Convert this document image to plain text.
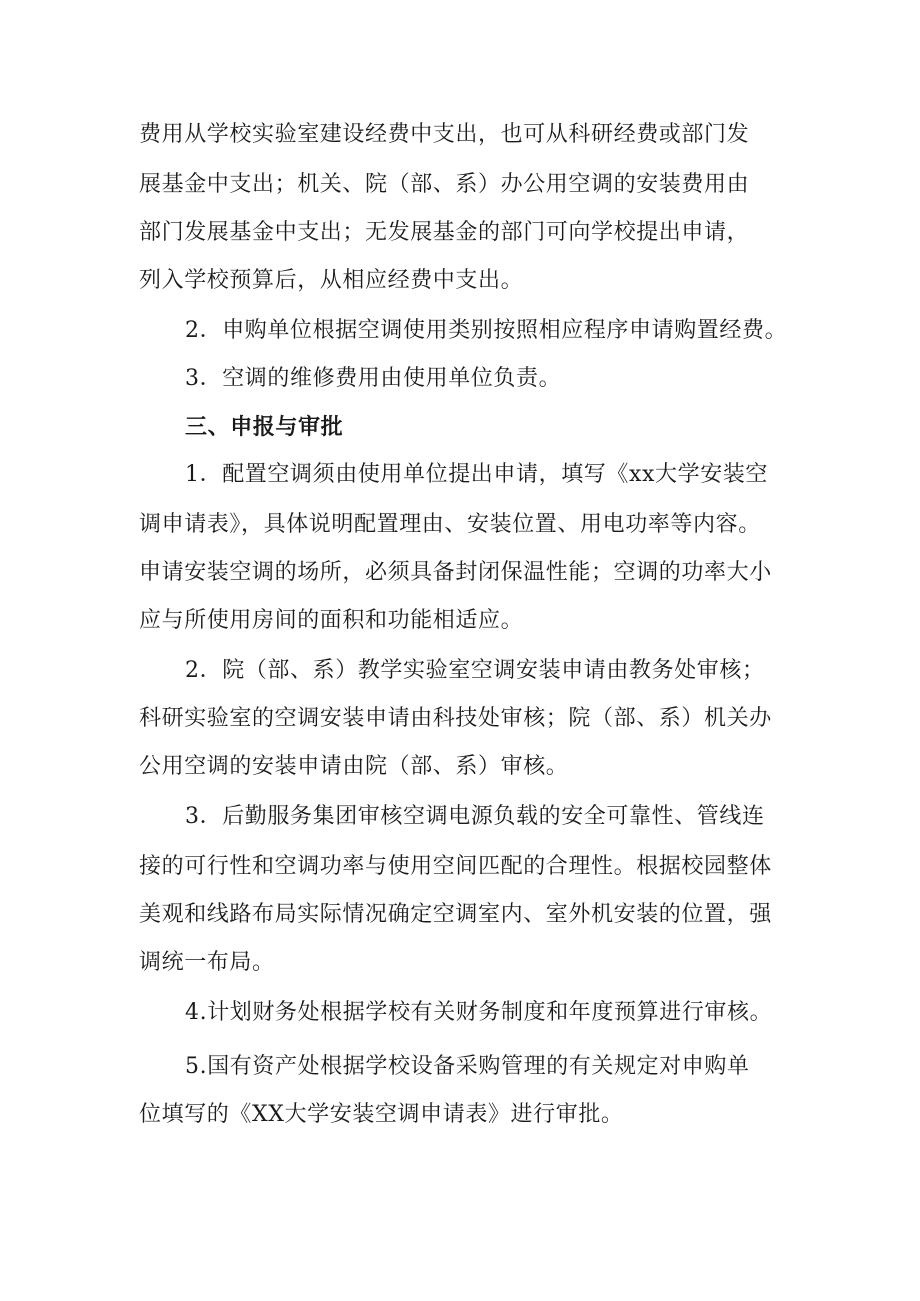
费用从学校实验室建设经费中支出，也可从科研经费或部门发
展基金中支出；机关、院（部、系）办公用空调的安装费用由
部门发展基金中支出；无发展基金的部门可向学校提出申请，
列入学校预算后，从相应经费中支出。
2．申购单位根据空调使用类别按照相应程序申请购置经费。
3．空调的维修费用由使用单位负责。
三、申报与审批
1．配置空调须由使用单位提出申请，填写《xx大学安装空
调申请表》，具体说明配置理由、安装位置、用电功率等内容。
申请安装空调的场所，必须具备封闭保温性能；空调的功率大小
应与所使用房间的面积和功能相适应。
2．院（部、系）教学实验室空调安装申请由教务处审核；
科研实验室的空调安装申请由科技处审核；院（部、系）机关办
公用空调的安装申请由院（部、系）审核。
3．后勤服务集团审核空调电源负载的安全可靠性、管线连
接的可行性和空调功率与使用空间匹配的合理性。根据校园整体
美观和线路布局实际情况确定空调室内、室外机安装的位置，强
调统一布局。
4.计划财务处根据学校有关财务制度和年度预算进行审核。
5.国有资产处根据学校设备采购管理的有关规定对申购单
位填写的《XX大学安装空调申请表》进行审批。
